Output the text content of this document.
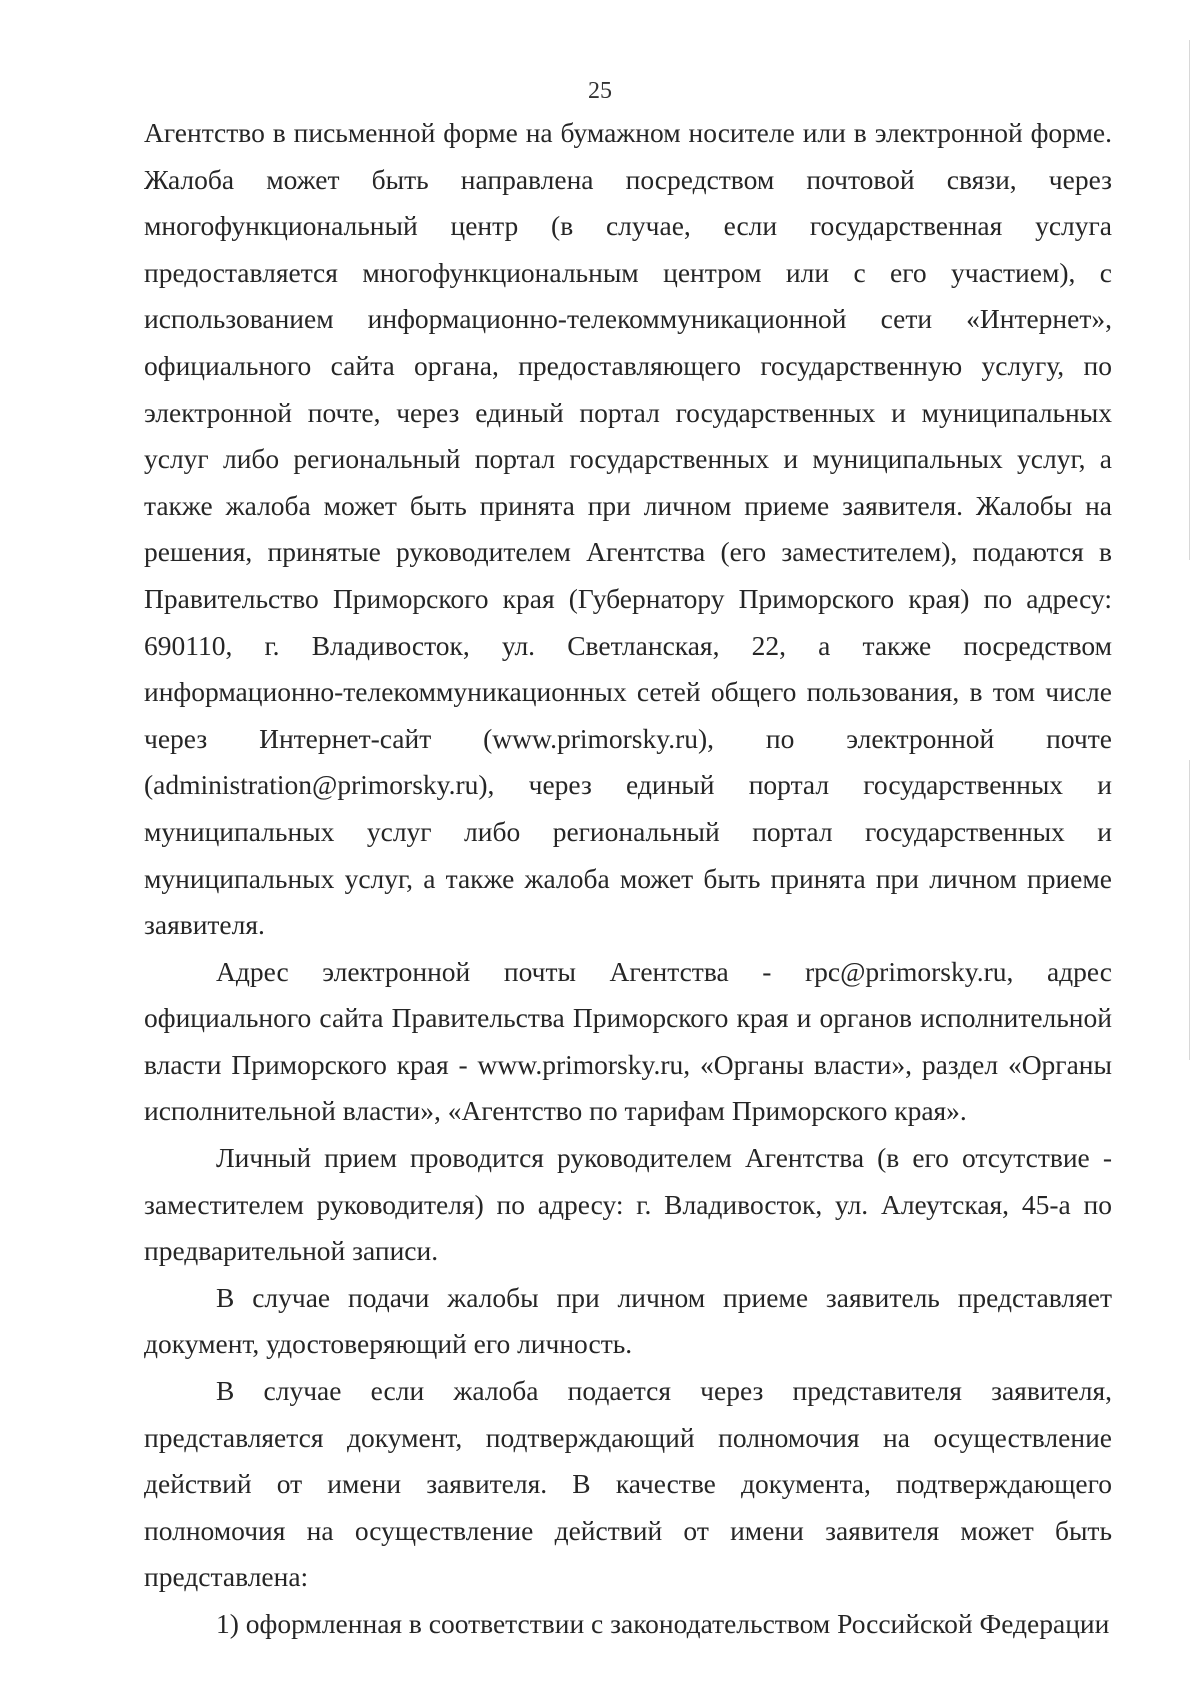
25

Агентство в письменной форме на бумажном носителе или в электронной форме. Жалоба может быть направлена посредством почтовой связи, через многофункциональный центр (в случае, если государственная услуга предоставляется многофункциональным центром или с его участием), с использованием информационно-телекоммуникационной сети «Интернет», официального сайта органа, предоставляющего государственную услугу, по электронной почте, через единый портал государственных и муниципальных услуг либо региональный портал государственных и муниципальных услуг, а также жалоба может быть принята при личном приеме заявителя. Жалобы на решения, принятые руководителем Агентства (его заместителем), подаются в Правительство Приморского края (Губернатору Приморского края) по адресу: 690110, г. Владивосток, ул. Светланская, 22, а также посредством информационно-телекоммуникационных сетей общего пользования, в том числе через Интернет-сайт (www.primorsky.ru), по электронной почте (administration@primorsky.ru), через единый портал государственных и муниципальных услуг либо региональный портал государственных и муниципальных услуг, а также жалоба может быть принята при личном приеме заявителя.

Адрес электронной почты Агентства - rpc@primorsky.ru, адрес официального сайта Правительства Приморского края и органов исполнительной власти Приморского края - www.primorsky.ru, «Органы власти», раздел «Органы исполнительной власти», «Агентство по тарифам Приморского края».

Личный прием проводится руководителем Агентства (в его отсутствие - заместителем руководителя) по адресу: г. Владивосток, ул. Алеутская, 45-а по предварительной записи.

В случае подачи жалобы при личном приеме заявитель представляет документ, удостоверяющий его личность.

В случае если жалоба подается через представителя заявителя, представляется документ, подтверждающий полномочия на осуществление действий от имени заявителя. В качестве документа, подтверждающего полномочия на осуществление действий от имени заявителя может быть представлена:

1) оформленная в соответствии с законодательством Российской Федерации
